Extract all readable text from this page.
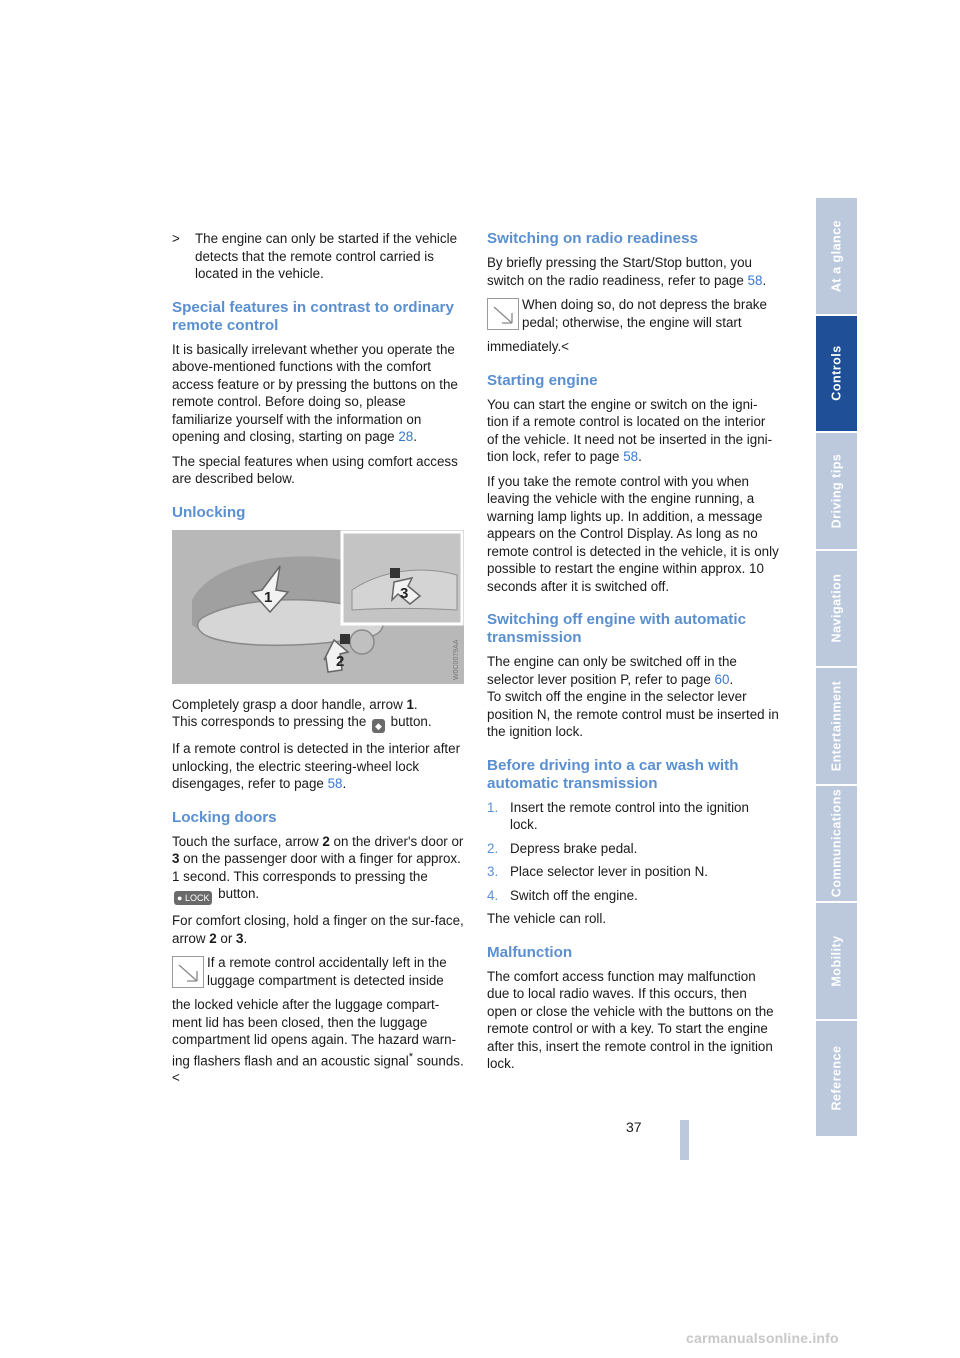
>	The engine can only be started if the vehicle detects that the remote control carried is located in the vehicle.
Special features in contrast to ordinary remote control

It is basically irrelevant whether you operate the above-mentioned functions with the comfort access feature or by pressing the buttons on the remote control. Before doing so, please familiarize yourself with the information on opening and closing, starting on page 28.

The special features when using comfort access are described below.

Unlocking
1
2
3
W0C0079AA

Completely grasp a door handle, arrow 1.
This corresponds to pressing the ◆ button.

If a remote control is detected in the interior after unlocking, the electric steering-wheel lock disengages, refer to page 58.

Locking doors

Touch the surface, arrow 2 on the driver's door or 3 on the passenger door with a finger for approx. 1 second. This corresponds to pressing the ● LOCK button.

For comfort closing, hold a finger on the sur-face, arrow 2 or 3.

If a remote control accidentally left in the luggage compartment is detected inside

the locked vehicle after the luggage compart-ment lid has been closed, then the luggage compartment lid opens again. The hazard warn-ing flashers flash and an acoustic signal* sounds.<

Switching on radio readiness

By briefly pressing the Start/Stop button, you switch on the radio readiness, refer to page 58.

When doing so, do not depress the brake pedal; otherwise, the engine will start

immediately.<

Starting engine

You can start the engine or switch on the igni-tion if a remote control is located on the interior of the vehicle. It need not be inserted in the igni-tion lock, refer to page 58.

If you take the remote control with you when leaving the vehicle with the engine running, a warning lamp lights up. In addition, a message appears on the Control Display. As long as no remote control is detected in the vehicle, it is only possible to restart the engine within approx. 10 seconds after it is switched off.

Switching off engine with automatic transmission

The engine can only be switched off in the selector lever position P, refer to page 60.
To switch off the engine in the selector lever position N, the remote control must be inserted in the ignition lock.

Before driving into a car wash with automatic transmission
1. Insert the remote control into the ignition lock.
2. Depress brake pedal.
3. Place selector lever in position N.
4. Switch off the engine.

The vehicle can roll.

Malfunction

The comfort access function may malfunction due to local radio waves. If this occurs, then open or close the vehicle with the buttons on the remote control or with a key. To start the engine after this, insert the remote control in the ignition lock.

At a glance
Controls
Driving tips
Navigation
Entertainment
Communications
Mobility
Reference
37
carmanualsonline.info
